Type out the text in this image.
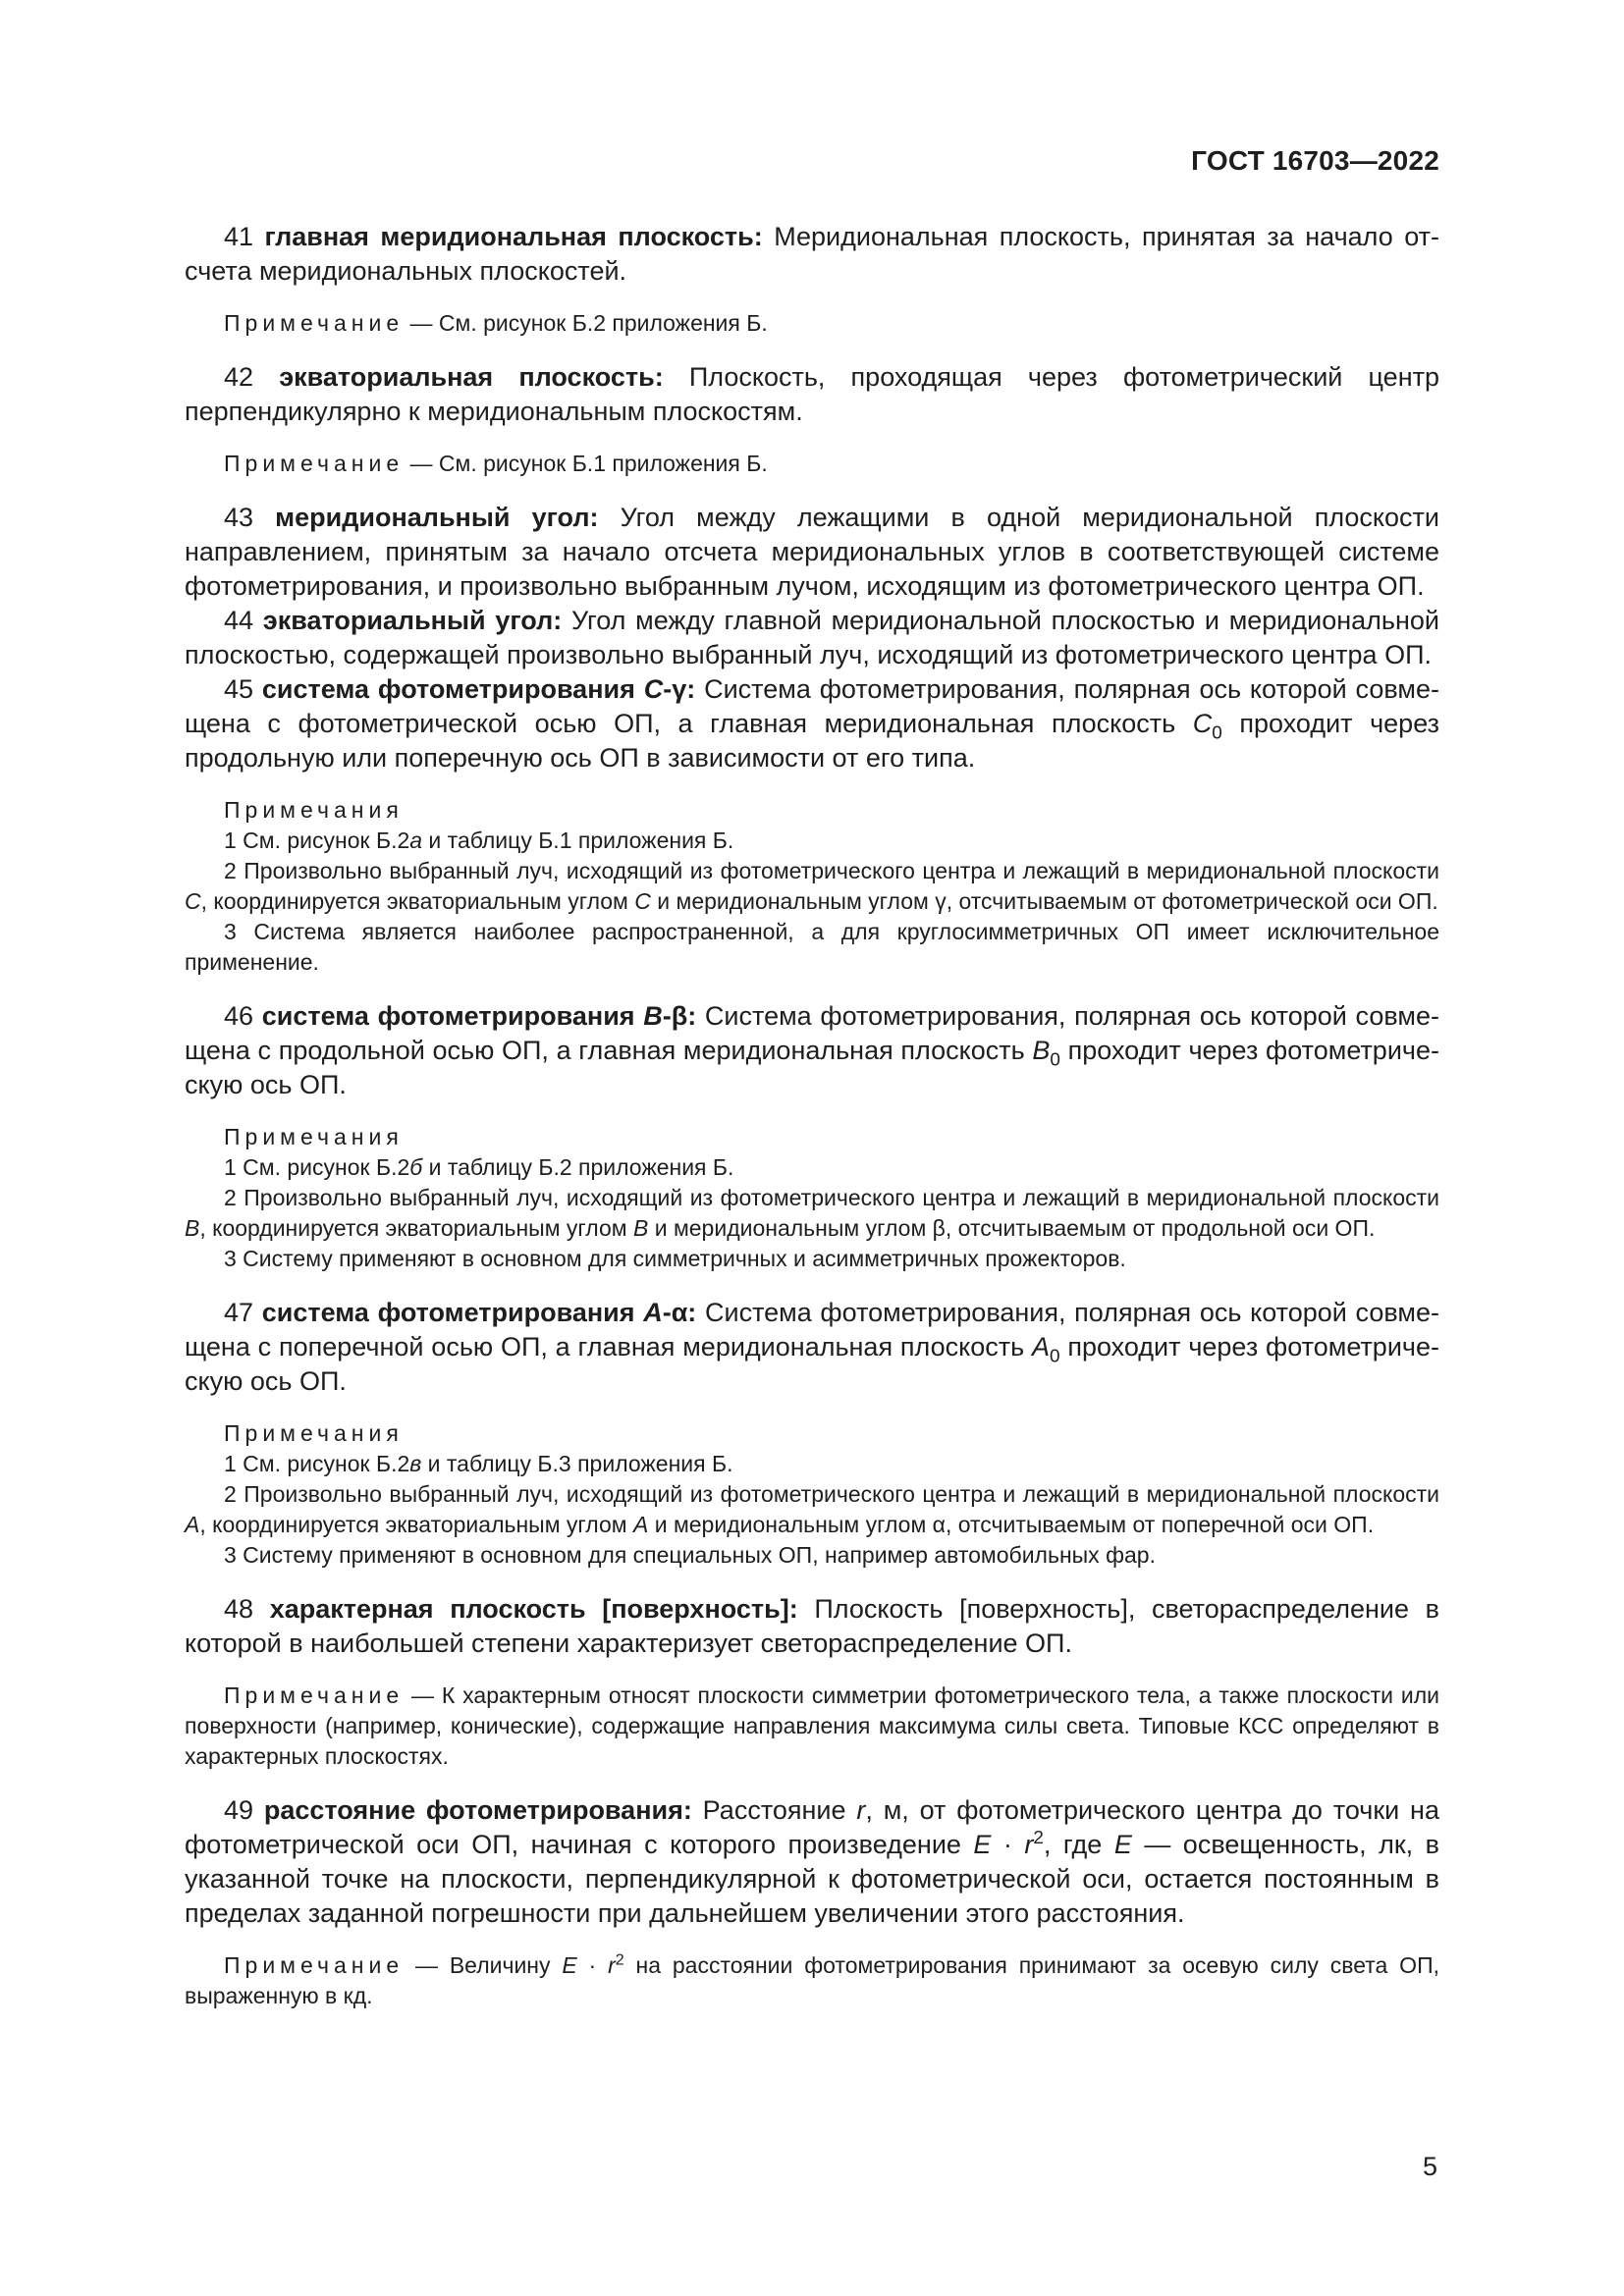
ГОСТ 16703—2022

41 главная меридиональная плоскость: Меридиональная плоскость, принятая за начало отсчета меридиональных плоскостей.

Примечание — См. рисунок Б.2 приложения Б.

42 экваториальная плоскость: Плоскость, проходящая через фотометрический центр перпендикулярно к меридиональным плоскостям.

Примечание — См. рисунок Б.1 приложения Б.

43 меридиональный угол: Угол между лежащими в одной меридиональной плоскости направлением, принятым за начало отсчета меридиональных углов в соответствующей системе фотометрирования, и произвольно выбранным лучом, исходящим из фотометрического центра ОП.

44 экваториальный угол: Угол между главной меридиональной плоскостью и меридиональной плоскостью, содержащей произвольно выбранный луч, исходящий из фотометрического центра ОП.

45 система фотометрирования С-γ: Система фотометрирования, полярная ось которой совмещена с фотометрической осью ОП, а главная меридиональная плоскость $C_0$ проходит через продольную или поперечную ось ОП в зависимости от его типа.

Примечания
1 См. рисунок Б.2а и таблицу Б.1 приложения Б.
2 Произвольно выбранный луч, исходящий из фотометрического центра и лежащий в меридиональной плоскости С, координируется экваториальным углом С и меридиональным углом γ, отсчитываемым от фотометрической оси ОП.
3 Система является наиболее распространенной, а для круглосимметричных ОП имеет исключительное применение.

46 система фотометрирования В-β: Система фотометрирования, полярная ось которой совмещена с продольной осью ОП, а главная меридиональная плоскость $B_0$ проходит через фотометрическую ось ОП.

Примечания
1 См. рисунок Б.2б и таблицу Б.2 приложения Б.
2 Произвольно выбранный луч, исходящий из фотометрического центра и лежащий в меридиональной плоскости В, координируется экваториальным углом В и меридиональным углом β, отсчитываемым от продольной оси ОП.
3 Систему применяют в основном для симметричных и асимметричных прожекторов.

47 система фотометрирования А-α: Система фотометрирования, полярная ось которой совмещена с поперечной осью ОП, а главная меридиональная плоскость $A_0$ проходит через фотометрическую ось ОП.

Примечания
1 См. рисунок Б.2в и таблицу Б.3 приложения Б.
2 Произвольно выбранный луч, исходящий из фотометрического центра и лежащий в меридиональной плоскости А, координируется экваториальным углом А и меридиональным углом α, отсчитываемым от поперечной оси ОП.
3 Систему применяют в основном для специальных ОП, например автомобильных фар.

48 характерная плоскость [поверхность]: Плоскость [поверхность], светораспределение в которой в наибольшей степени характеризует светораспределение ОП.

Примечание — К характерным относят плоскости симметрии фотометрического тела, а также плоскости или поверхности (например, конические), содержащие направления максимума силы света. Типовые КСС определяют в характерных плоскостях.

49 расстояние фотометрирования: Расстояние r, м, от фотометрического центра до точки на фотометрической оси ОП, начиная с которого произведение $E \cdot r^2$, где E — освещенность, лк, в указанной точке на плоскости, перпендикулярной к фотометрической оси, остается постоянным в пределах заданной погрешности при дальнейшем увеличении этого расстояния.

Примечание — Величину $E \cdot r^2$ на расстоянии фотометрирования принимают за осевую силу света ОП, выраженную в кд.

5
